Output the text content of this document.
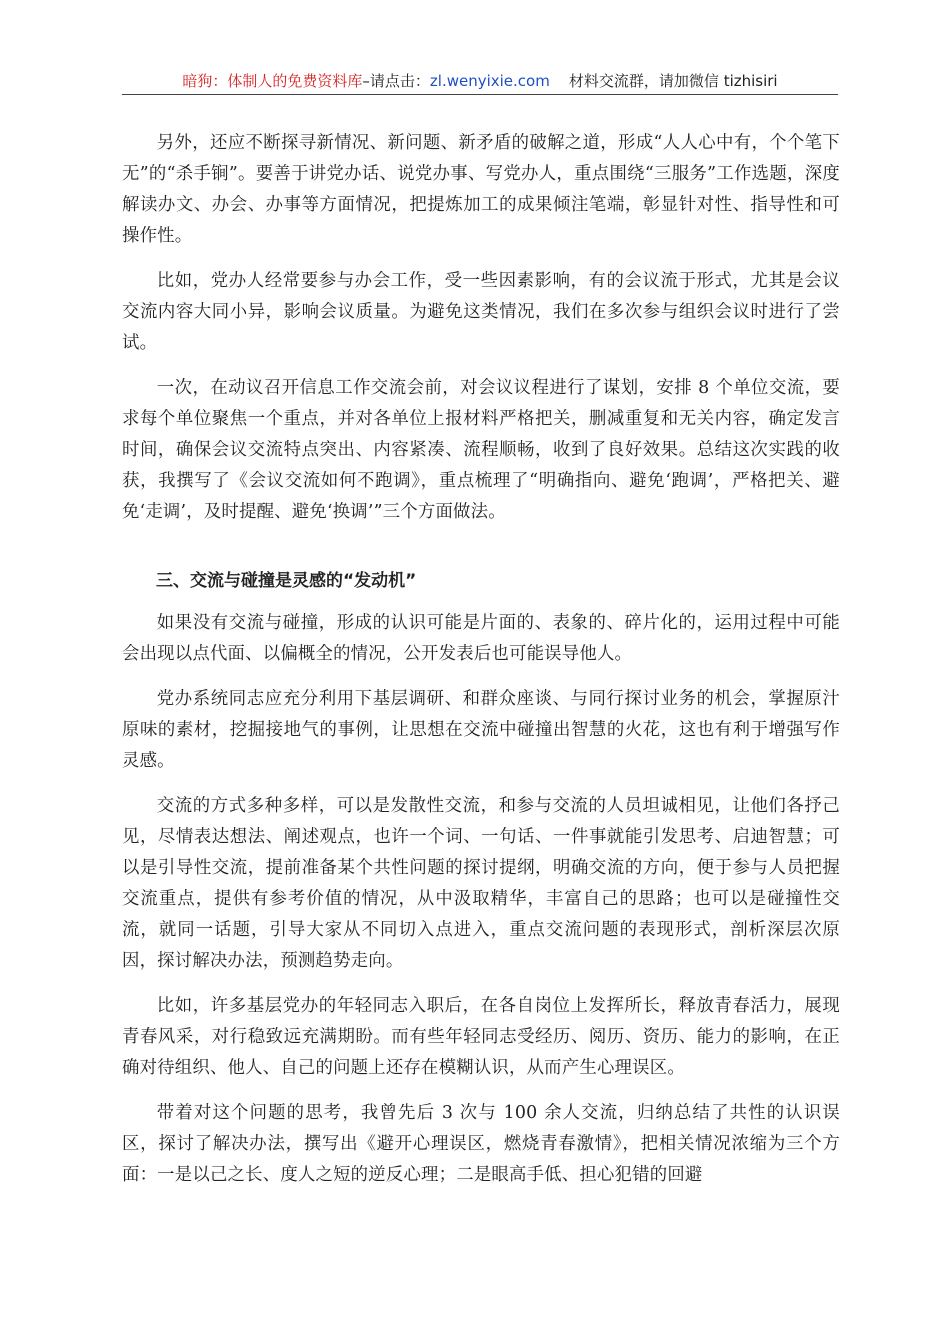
暗狗：体制人的免费资料库–请点击：zl.wenyixie.com 材料交流群，请加微信 tizhisiri

另外，还应不断探寻新情况、新问题、新矛盾的破解之道，形成“人人心中有，个个笔下无”的“杀手锏”。要善于讲党办话、说党办事、写党办人，重点围绕“三服务”工作选题，深度解读办文、办会、办事等方面情况，把提炼加工的成果倾注笔端，彰显针对性、指导性和可操作性。

比如，党办人经常要参与办会工作，受一些因素影响，有的会议流于形式，尤其是会议交流内容大同小异，影响会议质量。为避免这类情况，我们在多次参与组织会议时进行了尝试。

一次，在动议召开信息工作交流会前，对会议议程进行了谋划，安排 8 个单位交流，要求每个单位聚焦一个重点，并对各单位上报材料严格把关，删减重复和无关内容，确定发言时间，确保会议交流特点突出、内容紧凑、流程顺畅，收到了良好效果。总结这次实践的收获，我撰写了《会议交流如何不跑调》，重点梳理了“明确指向、避免‘跑调’，严格把关、避免‘走调’，及时提醒、避免‘换调’”三个方面做法。

三、交流与碰撞是灵感的“发动机”

如果没有交流与碰撞，形成的认识可能是片面的、表象的、碎片化的，运用过程中可能会出现以点代面、以偏概全的情况，公开发表后也可能误导他人。

党办系统同志应充分利用下基层调研、和群众座谈、与同行探讨业务的机会，掌握原汁原味的素材，挖掘接地气的事例，让思想在交流中碰撞出智慧的火花，这也有利于增强写作灵感。

交流的方式多种多样，可以是发散性交流，和参与交流的人员坦诚相见，让他们各抒己见，尽情表达想法、阐述观点，也许一个词、一句话、一件事就能引发思考、启迪智慧；可以是引导性交流，提前准备某个共性问题的探讨提纲，明确交流的方向，便于参与人员把握交流重点，提供有参考价值的情况，从中汲取精华，丰富自己的思路；也可以是碰撞性交流，就同一话题，引导大家从不同切入点进入，重点交流问题的表现形式，剖析深层次原因，探讨解决办法，预测趋势走向。

比如，许多基层党办的年轻同志入职后，在各自岗位上发挥所长，释放青春活力，展现青春风采，对行稳致远充满期盼。而有些年轻同志受经历、阅历、资历、能力的影响，在正确对待组织、他人、自己的问题上还存在模糊认识，从而产生心理误区。

带着对这个问题的思考，我曾先后 3 次与 100 余人交流，归纳总结了共性的认识误区，探讨了解决办法，撰写出《避开心理误区，燃烧青春激情》，把相关情况浓缩为三个方面：一是以己之长、度人之短的逆反心理；二是眼高手低、担心犯错的回避
